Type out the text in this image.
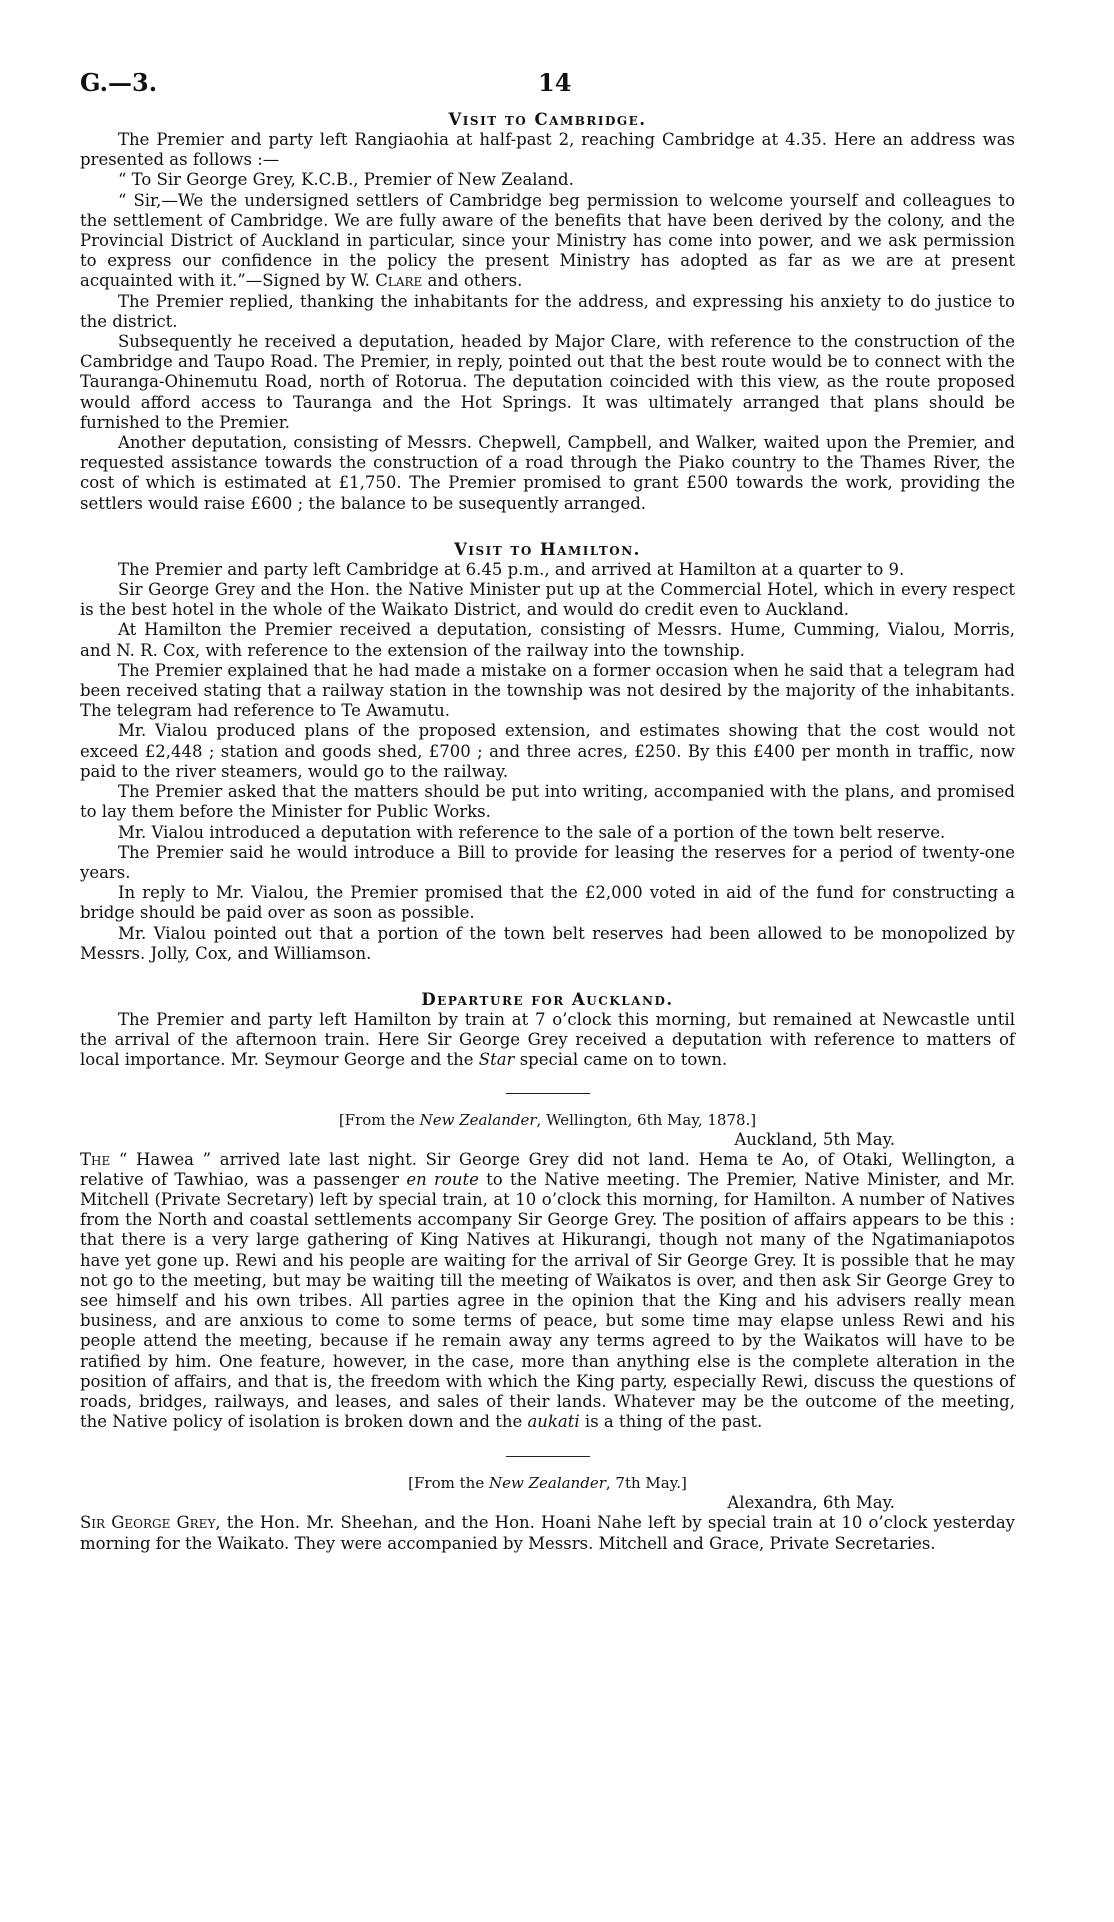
G.—3.	14
Visit to Cambridge.

The Premier and party left Rangiaohia at half-past 2, reaching Cambridge at 4.35. Here an address was presented as follows :—

“ To Sir George Grey, K.C.B., Premier of New Zealand.

“ Sir,—We the undersigned settlers of Cambridge beg permission to welcome yourself and colleagues to the settlement of Cambridge. We are fully aware of the benefits that have been derived by the colony, and the Provincial District of Auckland in particular, since your Ministry has come into power, and we ask permission to express our confidence in the policy the present Ministry has adopted as far as we are at present acquainted with it.”—Signed by W. Clare and others.

The Premier replied, thanking the inhabitants for the address, and expressing his anxiety to do justice to the district.

Subsequently he received a deputation, headed by Major Clare, with reference to the construction of the Cambridge and Taupo Road. The Premier, in reply, pointed out that the best route would be to connect with the Tauranga-Ohinemutu Road, north of Rotorua. The deputation coincided with this view, as the route proposed would afford access to Tauranga and the Hot Springs. It was ultimately arranged that plans should be furnished to the Premier.

Another deputation, consisting of Messrs. Chepwell, Campbell, and Walker, waited upon the Premier, and requested assistance towards the construction of a road through the Piako country to the Thames River, the cost of which is estimated at £1,750. The Premier promised to grant £500 towards the work, providing the settlers would raise £600 ; the balance to be susequently arranged.

Visit to Hamilton.

The Premier and party left Cambridge at 6.45 p.m., and arrived at Hamilton at a quarter to 9.

Sir George Grey and the Hon. the Native Minister put up at the Commercial Hotel, which in every respect is the best hotel in the whole of the Waikato District, and would do credit even to Auckland.

At Hamilton the Premier received a deputation, consisting of Messrs. Hume, Cumming, Vialou, Morris, and N. R. Cox, with reference to the extension of the railway into the township.

The Premier explained that he had made a mistake on a former occasion when he said that a telegram had been received stating that a railway station in the township was not desired by the majority of the inhabitants. The telegram had reference to Te Awamutu.

Mr. Vialou produced plans of the proposed extension, and estimates showing that the cost would not exceed £2,448 ; station and goods shed, £700 ; and three acres, £250. By this £400 per month in traffic, now paid to the river steamers, would go to the railway.

The Premier asked that the matters should be put into writing, accompanied with the plans, and promised to lay them before the Minister for Public Works.

Mr. Vialou introduced a deputation with reference to the sale of a portion of the town belt reserve.

The Premier said he would introduce a Bill to provide for leasing the reserves for a period of twenty-one years.

In reply to Mr. Vialou, the Premier promised that the £2,000 voted in aid of the fund for constructing a bridge should be paid over as soon as possible.

Mr. Vialou pointed out that a portion of the town belt reserves had been allowed to be monopolized by Messrs. Jolly, Cox, and Williamson.

Departure for Auckland.

The Premier and party left Hamilton by train at 7 o’clock this morning, but remained at Newcastle until the arrival of the afternoon train. Here Sir George Grey received a deputation with reference to matters of local importance. Mr. Seymour George and the Star special came on to town.

[From the New Zealander, Wellington, 6th May, 1878.]

Auckland, 5th May.

The “ Hawea ” arrived late last night. Sir George Grey did not land. Hema te Ao, of Otaki, Wellington, a relative of Tawhiao, was a passenger en route to the Native meeting. The Premier, Native Minister, and Mr. Mitchell (Private Secretary) left by special train, at 10 o’clock this morning, for Hamilton. A number of Natives from the North and coastal settlements accompany Sir George Grey. The position of affairs appears to be this : that there is a very large gathering of King Natives at Hikurangi, though not many of the Ngatimaniapotos have yet gone up. Rewi and his people are waiting for the arrival of Sir George Grey. It is possible that he may not go to the meeting, but may be waiting till the meeting of Waikatos is over, and then ask Sir George Grey to see himself and his own tribes. All parties agree in the opinion that the King and his advisers really mean business, and are anxious to come to some terms of peace, but some time may elapse unless Rewi and his people attend the meeting, because if he remain away any terms agreed to by the Waikatos will have to be ratified by him. One feature, however, in the case, more than anything else is the complete alteration in the position of affairs, and that is, the freedom with which the King party, especially Rewi, discuss the questions of roads, bridges, railways, and leases, and sales of their lands. Whatever may be the outcome of the meeting, the Native policy of isolation is broken down and the aukati is a thing of the past.

[From the New Zealander, 7th May.]

Alexandra, 6th May.

Sir George Grey, the Hon. Mr. Sheehan, and the Hon. Hoani Nahe left by special train at 10 o’clock yesterday morning for the Waikato. They were accompanied by Messrs. Mitchell and Grace, Private Secretaries.
